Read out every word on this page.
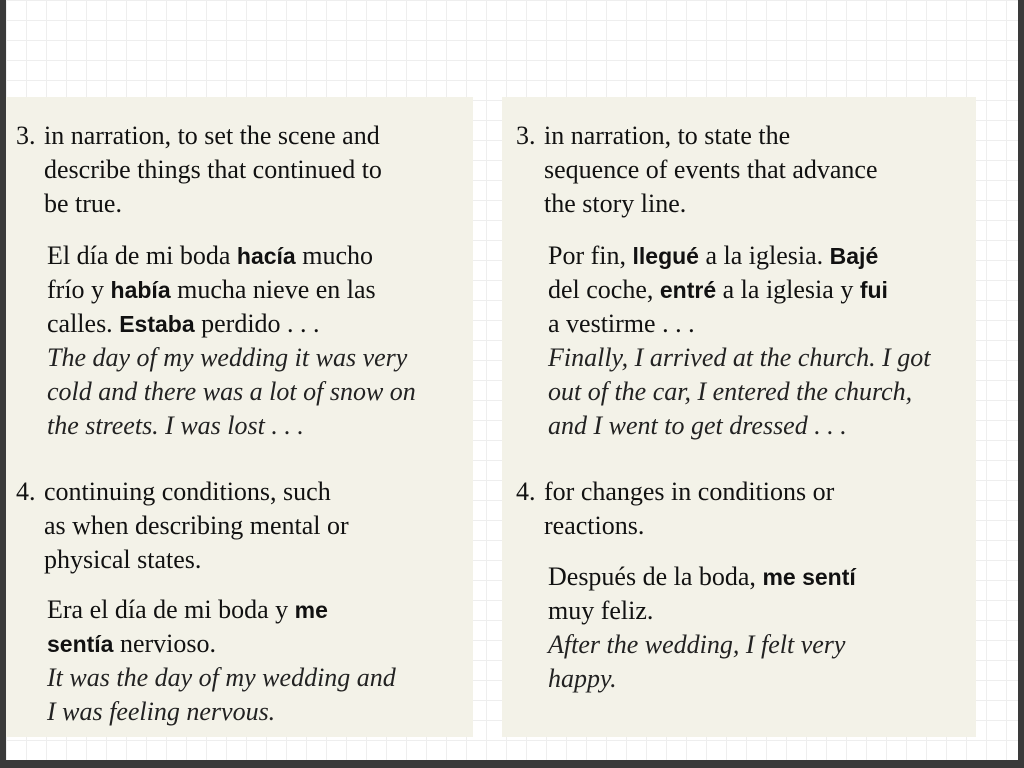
3. in narration, to set the scene and
describe things that continued to
be true.
El día de mi boda hacía mucho
frío y había mucha nieve en las
calles. Estaba perdido . . .
The day of my wedding it was very
cold and there was a lot of snow on
the streets. I was lost . . .
4. continuing conditions, such
as when describing mental or
physical states.
Era el día de mi boda y me
sentía nervioso.
It was the day of my wedding and
I was feeling nervous.
3. in narration, to state the
sequence of events that advance
the story line.
Por fin, llegué a la iglesia. Bajé
del coche, entré a la iglesia y fui
a vestirme . . .
Finally, I arrived at the church. I got
out of the car, I entered the church,
and I went to get dressed . . .
4. for changes in conditions or
reactions.
Después de la boda, me sentí
muy feliz.
After the wedding, I felt very
happy.
